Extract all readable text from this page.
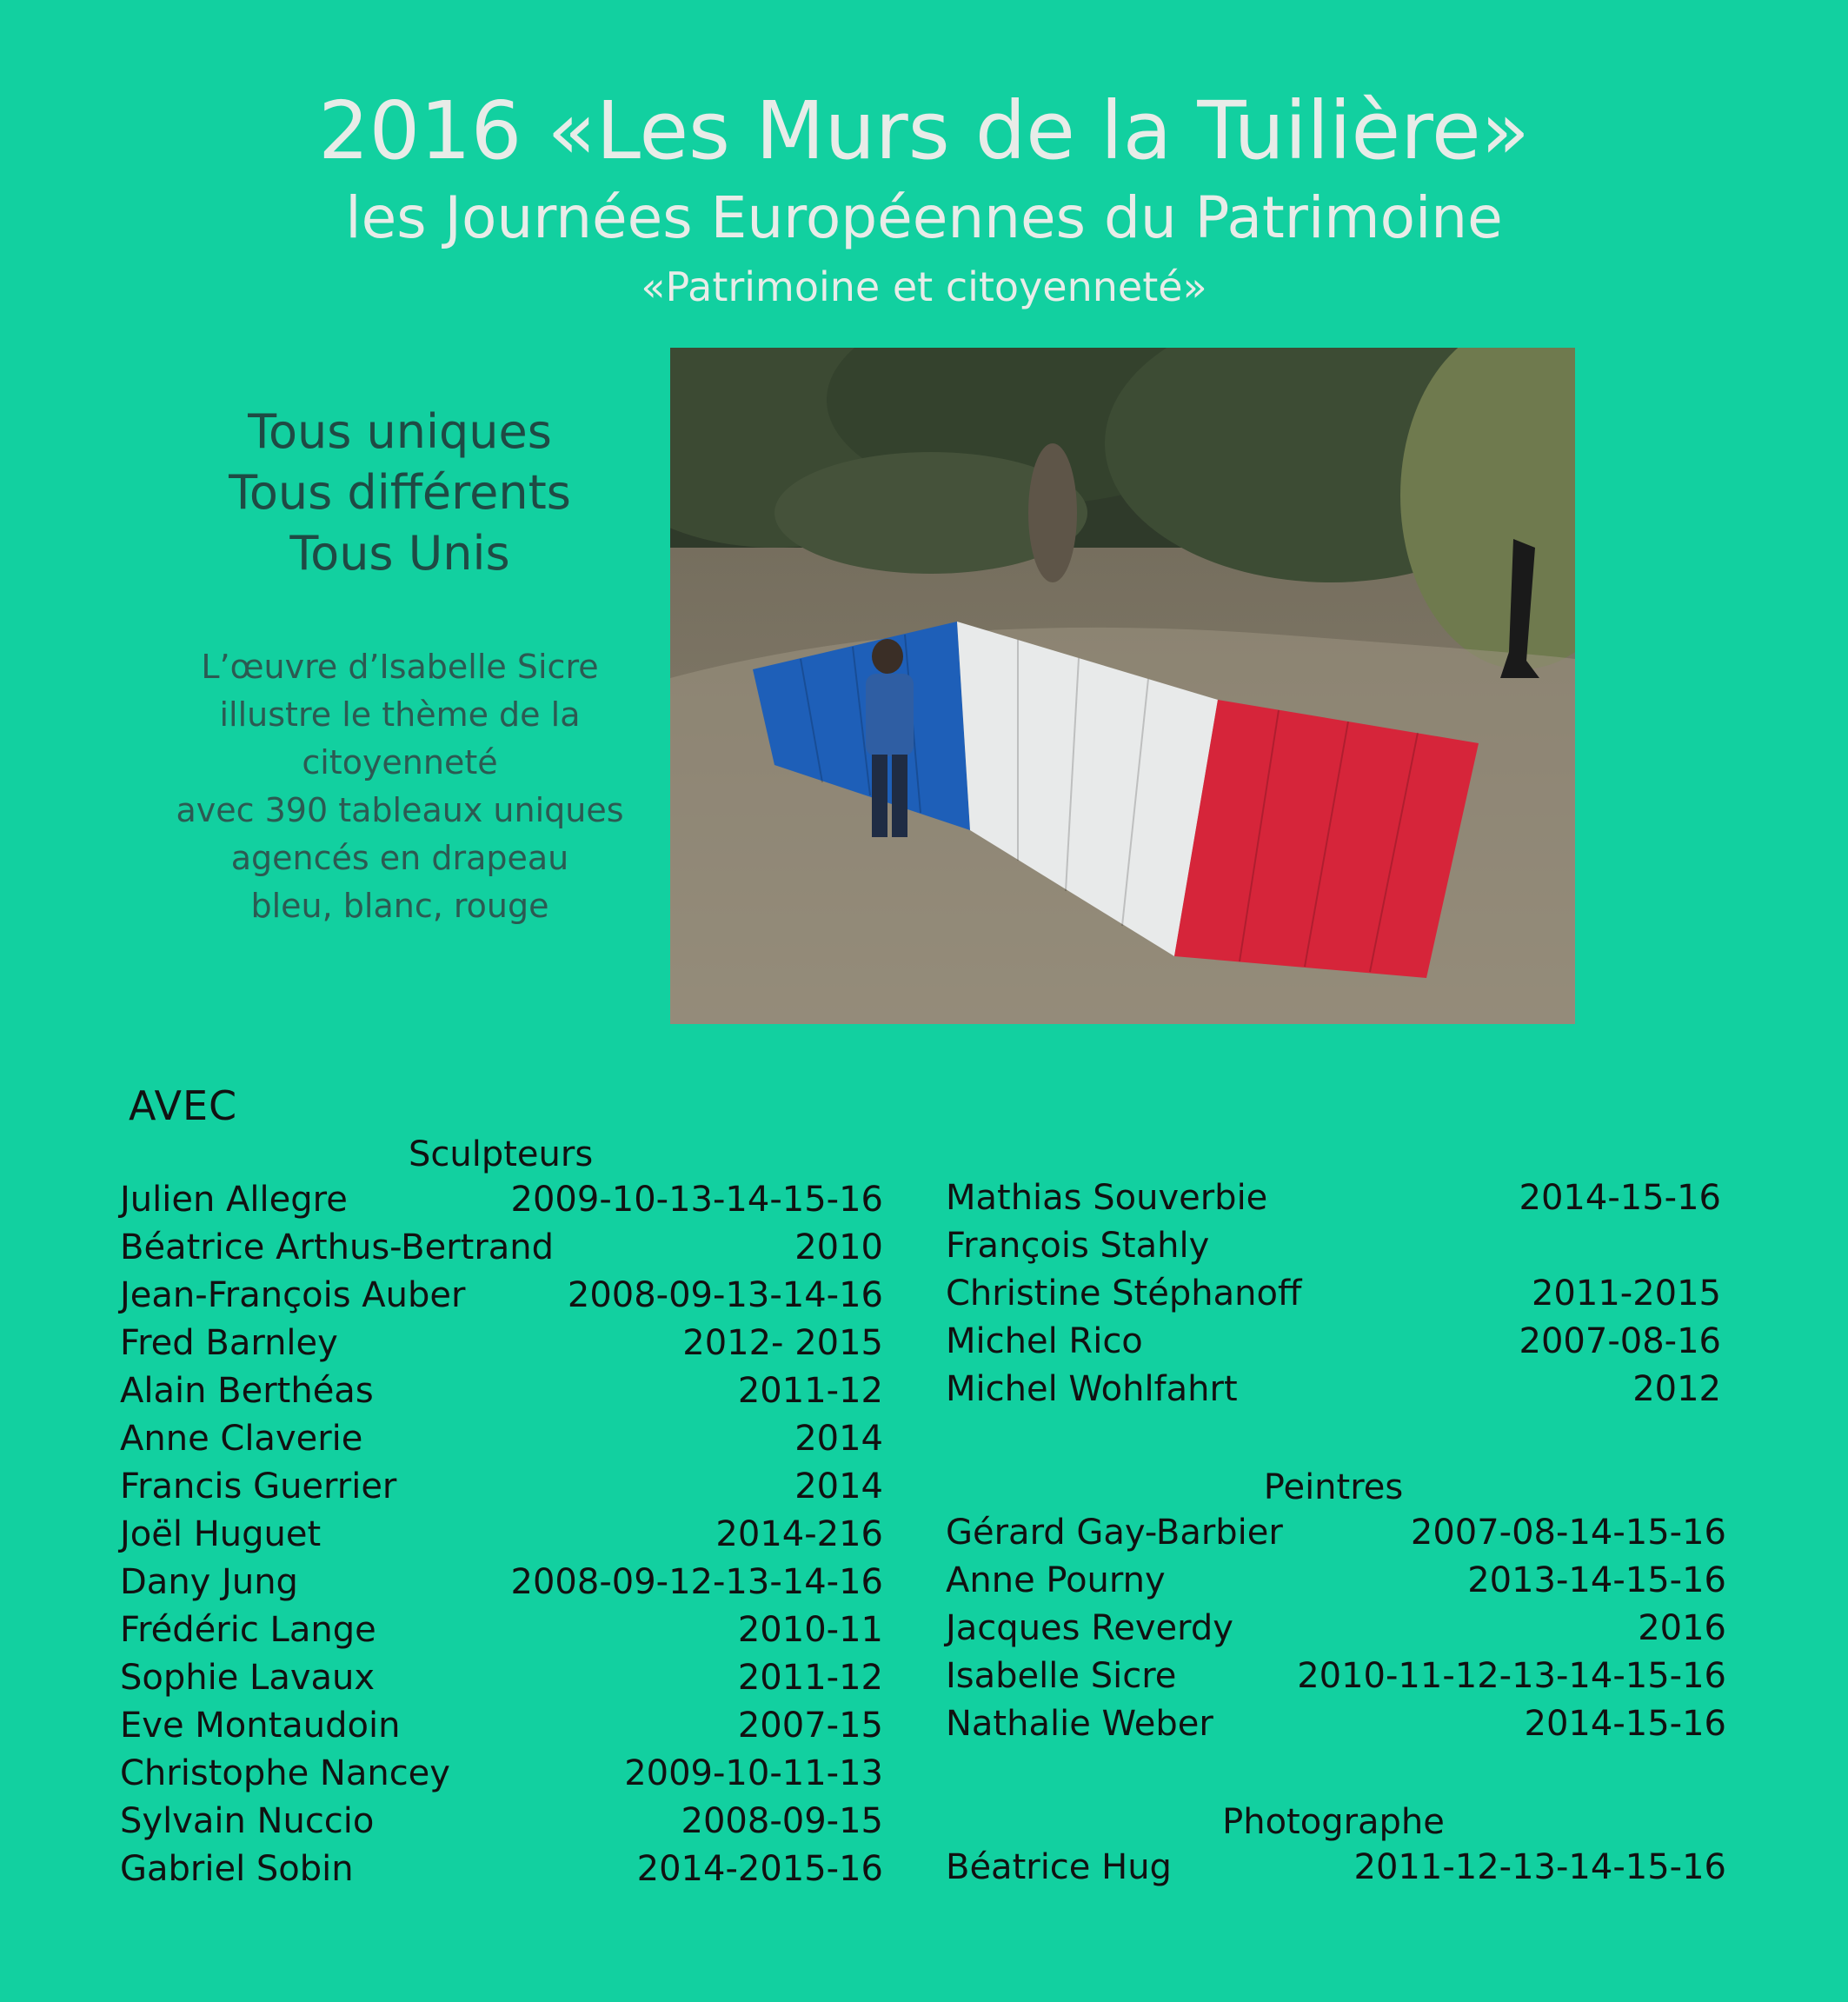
2016 «Les Murs de la Tuilière»
les Journées Européennes du Patrimoine
«Patrimoine et citoyenneté»
Tous uniques
Tous différents
Tous Unis
L’œuvre d’Isabelle Sicre
illustre le thème de la
citoyenneté
avec 390 tableaux uniques
agencés en drapeau
bleu, blanc, rouge
AVEC
Sculpteurs
Julien Allegre	2009-10-13-14-15-16
Béatrice Arthus-Bertrand	2010
Jean-François Auber	2008-09-13-14-16
Fred Barnley	2012- 2015
Alain Berthéas	2011-12
Anne Claverie	2014
Francis Guerrier	2014
Joël Huguet	2014-216
Dany Jung	2008-09-12-13-14-16
Frédéric Lange	2010-11
Sophie Lavaux	2011-12
Eve Montaudoin	2007-15
Christophe Nancey	2009-10-11-13
Sylvain Nuccio	2008-09-15
Gabriel Sobin	2014-2015-16
Mathias Souverbie	2014-15-16
François Stahly
Christine Stéphanoff	2011-2015
Michel Rico	2007-08-16
Michel Wohlfahrt	2012
Peintres
Gérard Gay-Barbier	2007-08-14-15-16
Anne Pourny	2013-14-15-16
Jacques Reverdy	2016
Isabelle Sicre	2010-11-12-13-14-15-16
Nathalie Weber	2014-15-16
Photographe
Béatrice Hug	2011-12-13-14-15-16
